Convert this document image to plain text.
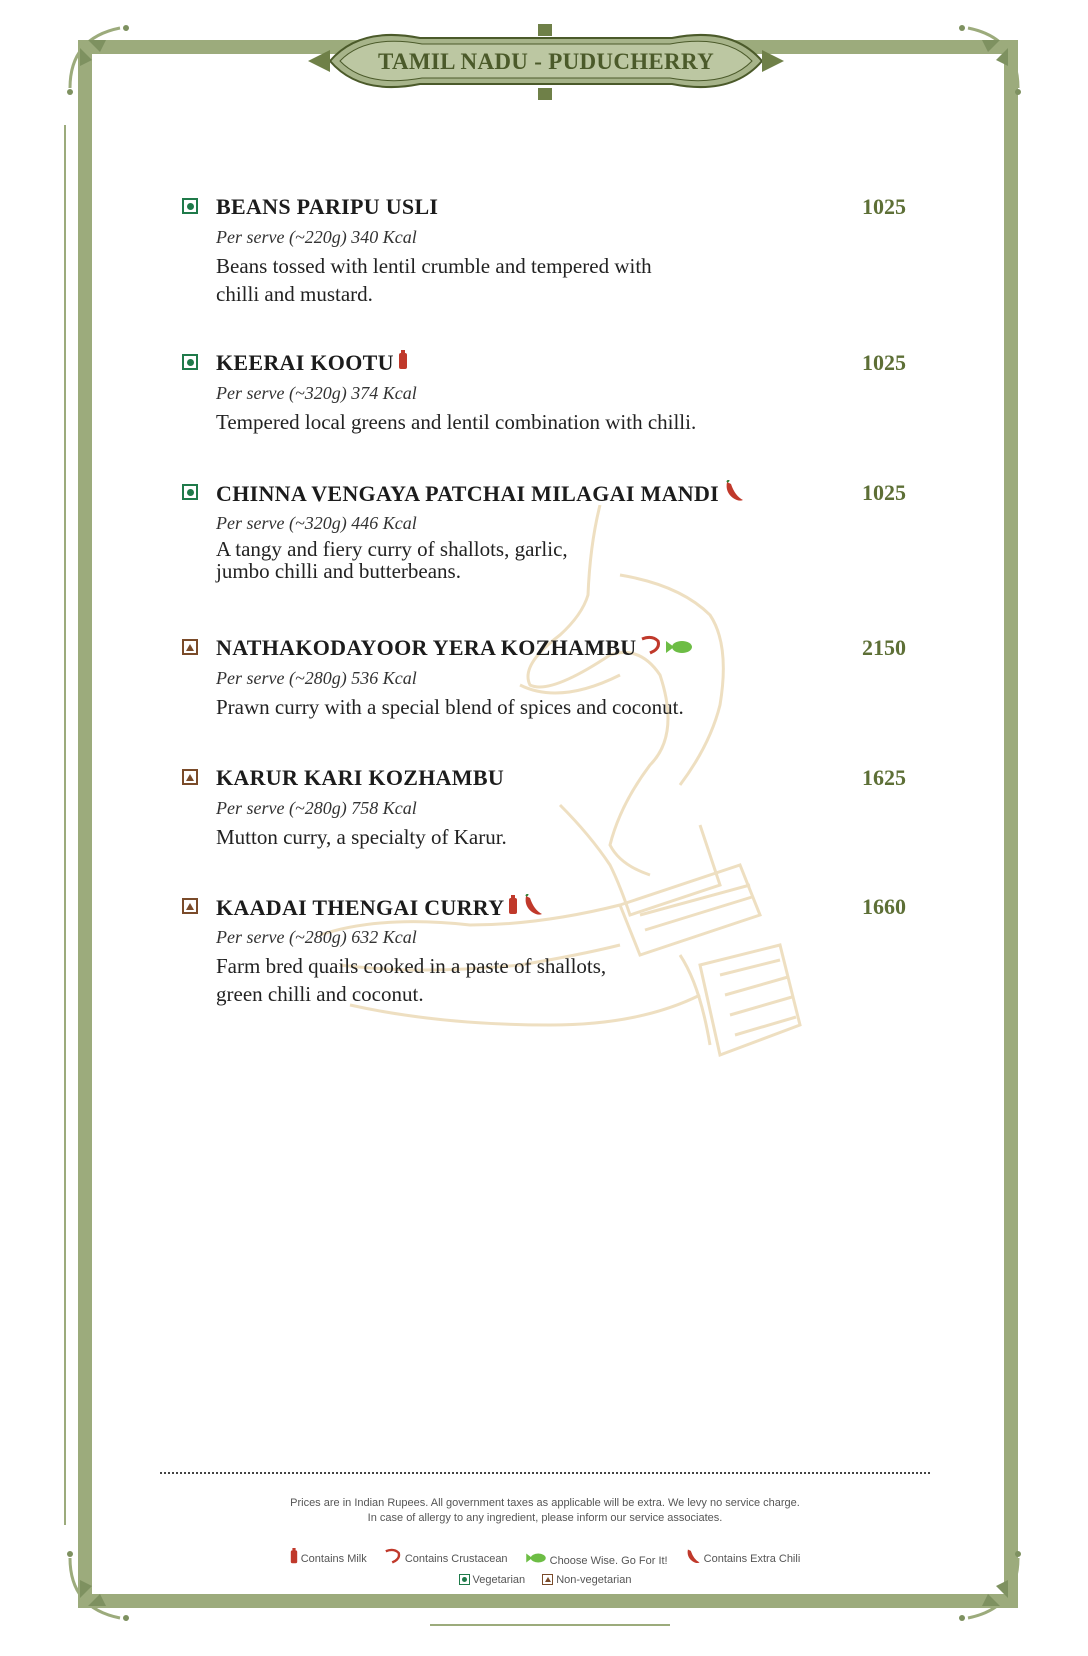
TAMIL NADU - PUDUCHERRY
BEANS PARIPU USLI	1025
Per serve (~220g) 340 Kcal
Beans tossed with lentil crumble and tempered with
chilli and mustard.
KEERAI KOOTU	1025
Per serve (~320g) 374 Kcal
Tempered local greens and lentil combination with chilli.
CHINNA VENGAYA PATCHAI MILAGAI MANDI	1025
Per serve (~320g) 446 Kcal
A tangy and fiery curry of shallots, garlic,
jumbo chilli and butterbeans.
NATHAKODAYOOR YERA KOZHAMBU	2150
Per serve (~280g) 536 Kcal
Prawn curry with a special blend of spices and coconut.
KARUR KARI KOZHAMBU	1625
Per serve (~280g) 758 Kcal
Mutton curry, a specialty of Karur.
KAADAI THENGAI CURRY	1660
Per serve (~280g) 632 Kcal
Farm bred quails cooked in a paste of shallots,
green chilli and coconut.
Prices are in Indian Rupees. All government taxes as applicable will be extra. We levy no service charge.
In case of allergy to any ingredient, please inform our service associates.
Contains Milk
	Contains Crustacean
	Choose Wise. Go For It!
	Contains Extra Chili
Vegetarian
	Non-vegetarian
